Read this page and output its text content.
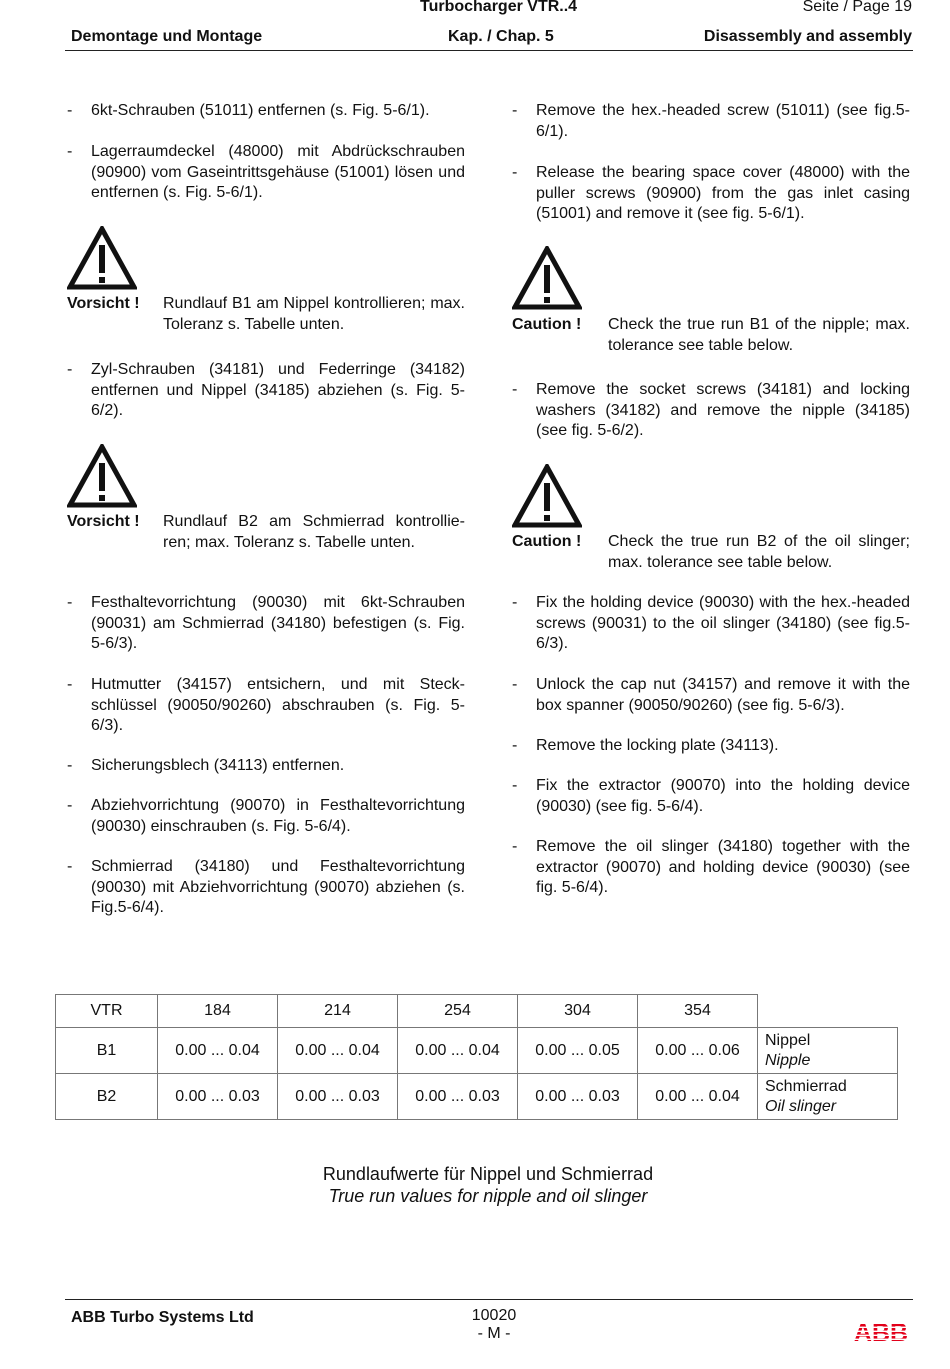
Turbocharger VTR..4	Seite / Page 19
Demontage und Montage	Kap. / Chap. 5	Disassembly and assembly
-	6kt-Schrauben (51011) entfernen (s. Fig. 5-6/1).
-	Lagerraumdeckel (48000) mit Abdrückschrauben (90900) vom Gaseintrittsgehäuse (51001) lösen und entfernen (s. Fig. 5-6/1).
Vorsicht !	Rundlauf B1 am Nippel kontrollieren; max. Toleranz s. Tabelle unten.
-	Zyl-Schrauben (34181) und Federringe (34182) entfernen und Nippel (34185) abziehen (s. Fig. 5-6/2).
Vorsicht !	Rundlauf B2 am Schmierrad kontrollie-ren; max. Toleranz s. Tabelle unten.
-	Festhaltevorrichtung (90030) mit 6kt-Schrauben (90031) am Schmierrad (34180) befestigen (s. Fig. 5-6/3).
-	Hutmutter (34157) entsichern, und mit Steck-schlüssel (90050/90260) abschrauben (s. Fig. 5-6/3).
-	Sicherungsblech (34113) entfernen.
-	Abziehvorrichtung (90070) in Festhaltevorrichtung (90030) einschrauben (s. Fig. 5-6/4).
-	Schmierrad (34180) und Festhaltevorrichtung (90030) mit Abziehvorrichtung (90070) abziehen (s. Fig.5-6/4).
-	Remove the hex.-headed screw (51011) (see fig.5-6/1).
-	Release the bearing space cover (48000) with the puller screws (90900) from the gas inlet casing (51001) and remove it (see fig. 5-6/1).
Caution !	Check the true run B1 of the nipple; max. tolerance see table below.
-	Remove the socket screws (34181) and locking washers (34182) and remove the nipple (34185) (see fig. 5-6/2).
Caution !	Check the true run B2 of the oil slinger; max. tolerance see table below.
-	Fix the holding device (90030) with the hex.-headed screws (90031) to the oil slinger (34180) (see fig.5-6/3).
-	Unlock the cap nut (34157) and remove it with the box spanner (90050/90260) (see fig. 5-6/3).
-	Remove the locking plate (34113).
-	Fix the extractor (90070) into the holding device (90030) (see fig. 5-6/4).
-	Remove the oil slinger (34180) together with the extractor (90070) and holding device (90030) (see fig. 5-6/4).
VTR	184	214	254	304	354	
B1	0.00 ... 0.04	0.00 ... 0.04	0.00 ... 0.04	0.00 ... 0.05	0.00 ... 0.06	Nippel
Nipple
B2	0.00 ... 0.03	0.00 ... 0.03	0.00 ... 0.03	0.00 ... 0.03	0.00 ... 0.04	Schmierrad
Oil slinger
Rundlaufwerte für Nippel und Schmierrad
True run values for nipple and oil slinger
ABB Turbo Systems Ltd	10020
- M -	ABB
